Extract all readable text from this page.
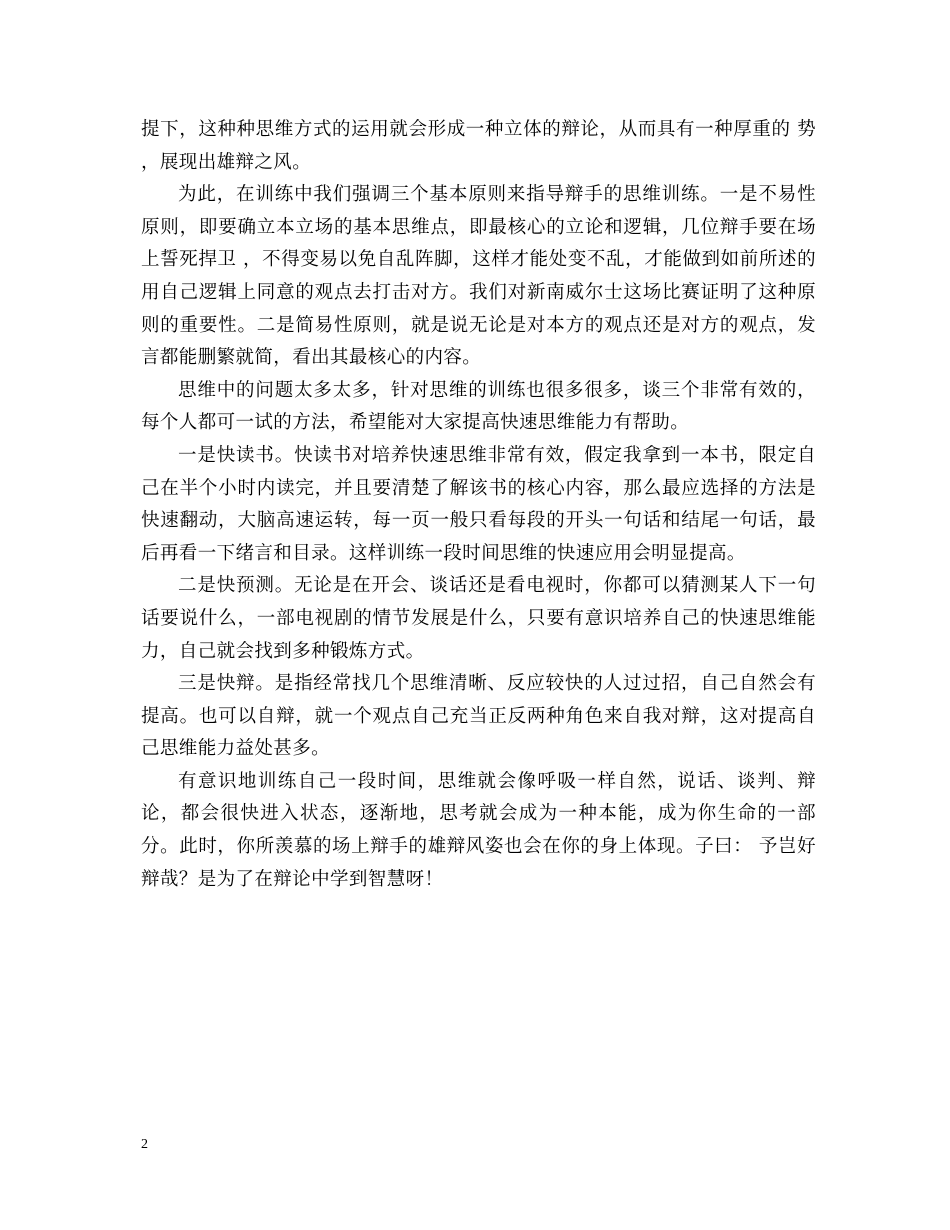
提下，这种种思维方式的运用就会形成一种立体的辩论，从而具有一种厚重的 势 ，展现出雄辩之风。

为此，在训练中我们强调三个基本原则来指导辩手的思维训练。一是不易性原则，即要确立本立场的基本思维点，即最核心的立论和逻辑，几位辩手要在场上誓死捍卫 ，不得变易以免自乱阵脚，这样才能处变不乱，才能做到如前所述的用自己逻辑上同意的观点去打击对方。我们对新南威尔士这场比赛证明了这种原则的重要性。二是简易性原则，就是说无论是对本方的观点还是对方的观点，发言都能删繁就简，看出其最核心的内容。

思维中的问题太多太多，针对思维的训练也很多很多，谈三个非常有效的，每个人都可一试的方法，希望能对大家提高快速思维能力有帮助。

一是快读书。快读书对培养快速思维非常有效，假定我拿到一本书，限定自己在半个小时内读完，并且要清楚了解该书的核心内容，那么最应选择的方法是快速翻动，大脑高速运转，每一页一般只看每段的开头一句话和结尾一句话，最后再看一下绪言和目录。这样训练一段时间思维的快速应用会明显提高。

二是快预测。无论是在开会、谈话还是看电视时，你都可以猜测某人下一句话要说什么，一部电视剧的情节发展是什么，只要有意识培养自己的快速思维能力，自己就会找到多种锻炼方式。

三是快辩。是指经常找几个思维清晰、反应较快的人过过招，自己自然会有提高。也可以自辩，就一个观点自己充当正反两种角色来自我对辩，这对提高自己思维能力益处甚多。

有意识地训练自己一段时间，思维就会像呼吸一样自然，说话、谈判、辩论，都会很快进入状态，逐渐地，思考就会成为一种本能，成为你生命的一部分。此时，你所羡慕的场上辩手的雄辩风姿也会在你的身上体现。子曰： 予岂好辩哉？是为了在辩论中学到智慧呀！

2
